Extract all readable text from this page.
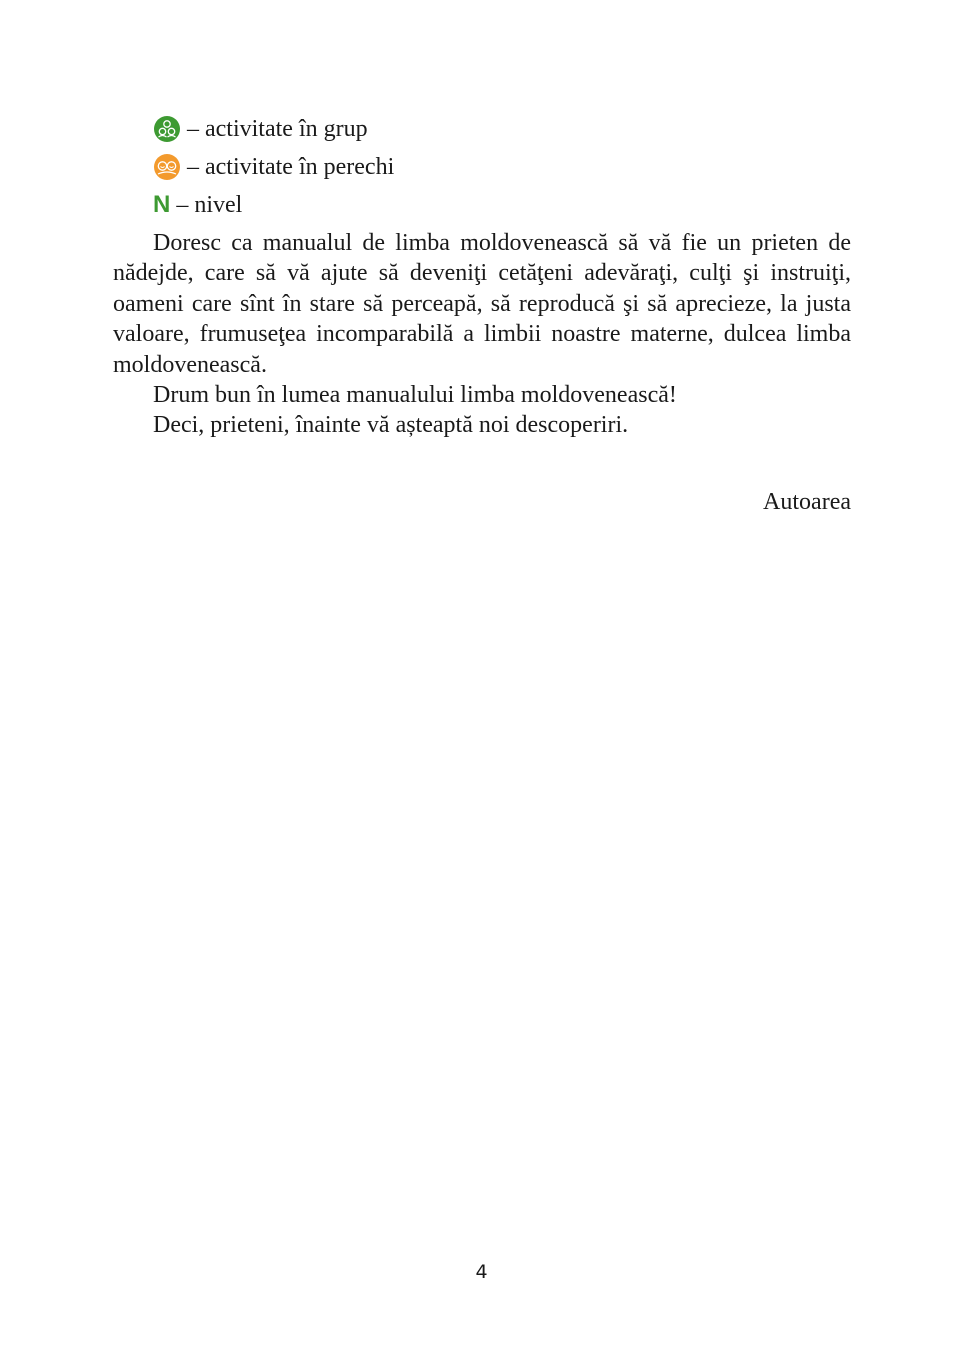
– activitate în grup
– activitate în perechi
N – nivel

Doresc ca manualul de limba moldovenească să vă fie un prieten de nădejde, care să vă ajute să deveniţi cetăţeni adevăraţi, culţi şi instruiţi, oameni care sînt în stare să perceapă, să reproducă şi să aprecieze, la justa valoare, frumuseţea incomparabilă a limbii noastre materne, dulcea limba moldovenească.

Drum bun în lumea manualului limba moldovenească!

Deci, prieteni, înainte vă așteaptă noi descoperiri.

Autoarea
4
